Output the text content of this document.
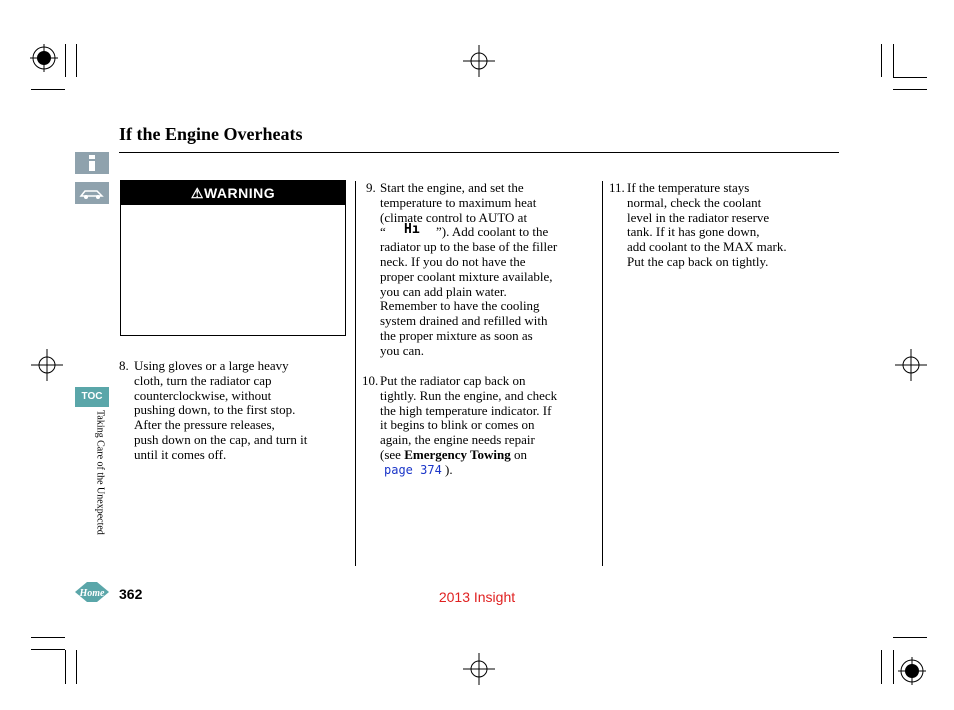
If the Engine Overheats
TOC
Taking Care of the Unexpected
Home
⚠WARNING
8. Using gloves or a large heavy
cloth, turn the radiator cap
counterclockwise, without
pushing down, to the first stop.
After the pressure releases,
push down on the cap, and turn it
until it comes off.
9. Start the engine, and set the
temperature to maximum heat
(climate control to AUTO at
“ Hı ”). Add coolant to the
radiator up to the base of the filler
neck. If you do not have the
proper coolant mixture available,
you can add plain water.
Remember to have the cooling
system drained and refilled with
the proper mixture as soon as
you can.
10. Put the radiator cap back on
tightly. Run the engine, and check
the high temperature indicator. If
it begins to blink or comes on
again, the engine needs repair
(see Emergency Towing on
page 374 ).
11. If the temperature stays
normal, check the coolant
level in the radiator reserve
tank. If it has gone down,
add coolant to the MAX mark.
Put the cap back on tightly.
362	2013 Insight
